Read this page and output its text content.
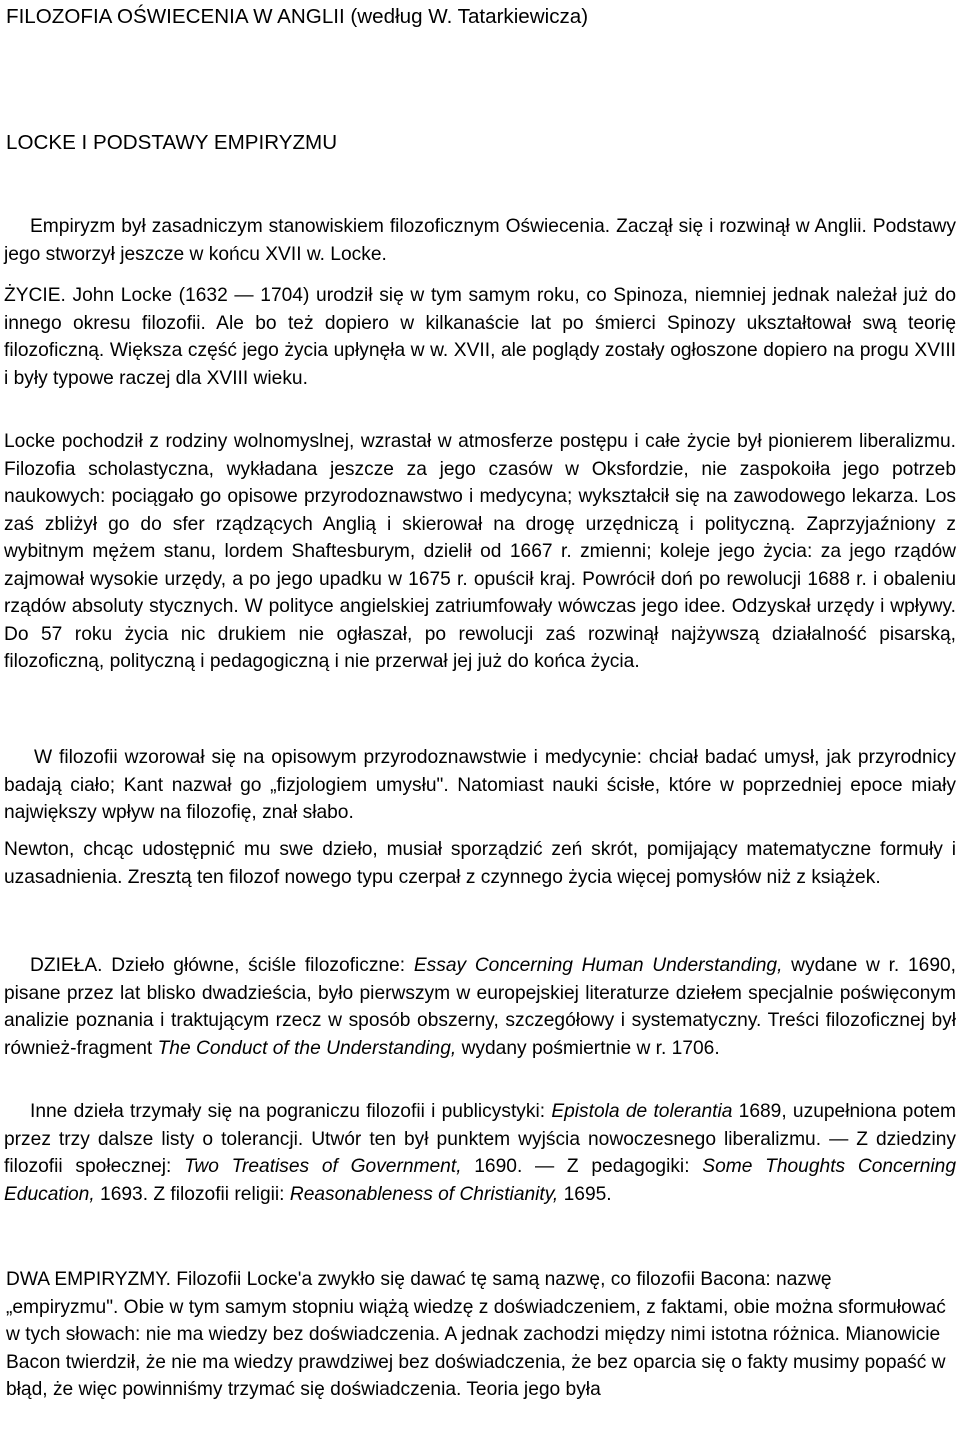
FILOZOFIA OŚWIECENIA W ANGLII (według W. Tatarkiewicza)
LOCKE I PODSTAWY EMPIRYZMU

Empiryzm był zasadniczym stanowiskiem filozoficznym Oświecenia. Zaczął się i rozwinął w Anglii. Podstawy jego stworzył jeszcze w końcu XVII w. Locke.

ŻYCIE. John Locke (1632 — 1704) urodził się w tym samym roku, co Spinoza, niemniej jednak należał już do innego okresu filozofii. Ale bo też dopiero w kilkanaście lat po śmierci Spinozy ukształtował swą teorię filozoficzną. Większa część jego życia upłynęła w w. XVII, ale poglądy zostały ogłoszone dopiero na progu XVIII i były typowe raczej dla XVIII wieku.

Locke pochodził z rodziny wolnomyslnej, wzrastał w atmosferze postępu i całe życie był pionierem liberalizmu. Filozofia scholastyczna, wykładana jeszcze za jego czasów w Oksfordzie, nie zaspokoiła jego potrzeb naukowych: pociągało go opisowe przyrodoznawstwo i medycyna; wykształcił się na zawodowego lekarza. Los zaś zbliżył go do sfer rządzących Anglią i skierował na drogę urzędniczą i polityczną. Zaprzyjaźniony z wybitnym mężem stanu, lordem Shaftesburym, dzielił od 1667 r. zmienni; koleje jego życia: za jego rządów zajmował wysokie urzędy, a po jego upadku w 1675 r. opuścił kraj. Powrócił doń po rewolucji 1688 r. i obaleniu rządów absoluty stycznych. W polityce angielskiej zatriumfowały wówczas jego idee. Odzyskał urzędy i wpływy. Do 57 roku życia nic drukiem nie ogłaszał, po rewolucji zaś rozwinął najżywszą działalność pisarską, filozoficzną, polityczną i pedagogiczną i nie przerwał jej już do końca życia.

W filozofii wzorował się na opisowym przyrodoznawstwie i medycynie: chciał badać umysł, jak przyrodnicy badają ciało; Kant nazwał go „fizjologiem umysłu". Natomiast nauki ścisłe, które w poprzedniej epoce miały największy wpływ na filozofię, znał słabo.

Newton, chcąc udostępnić mu swe dzieło, musiał sporządzić zeń skrót, pomijający matematyczne formuły i uzasadnienia. Zresztą ten filozof nowego typu czerpał z czynnego życia więcej pomysłów niż z książek.

DZIEŁA. Dzieło główne, ściśle filozoficzne: Essay Concerning Human Understanding, wydane w r. 1690, pisane przez lat blisko dwadzieścia, było pierwszym w europejskiej literaturze dziełem specjalnie poświęconym analizie poznania i traktującym rzecz w sposób obszerny, szczegółowy i systematyczny. Treści filozoficznej był również-fragment The Conduct of the Understanding, wydany pośmiertnie w r. 1706.

Inne dzieła trzymały się na pograniczu filozofii i publicystyki: Epistola de tolerantia 1689, uzupełniona potem przez trzy dalsze listy o tolerancji. Utwór ten był punktem wyjścia nowoczesnego liberalizmu. — Z dziedziny filozofii społecznej: Two Treatises of Government, 1690. — Z pedagogiki: Some Thoughts Concerning Education, 1693. Z filozofii religii: Reasonableness of Christianity, 1695.

DWA EMPIRYZMY. Filozofii Locke'a zwykło się dawać tę samą nazwę, co filozofii Bacona: nazwę „empiryzmu". Obie w tym samym stopniu wiążą wiedzę z doświadczeniem, z faktami, obie można sformułować w tych słowach: nie ma wiedzy bez doświadczenia. A jednak zachodzi między nimi istotna różnica. Mianowicie Bacon twierdził, że nie ma wiedzy prawdziwej bez doświadczenia, że bez oparcia się o fakty musimy popaść w błąd, że więc powinniśmy trzymać się doświadczenia. Teoria jego była
